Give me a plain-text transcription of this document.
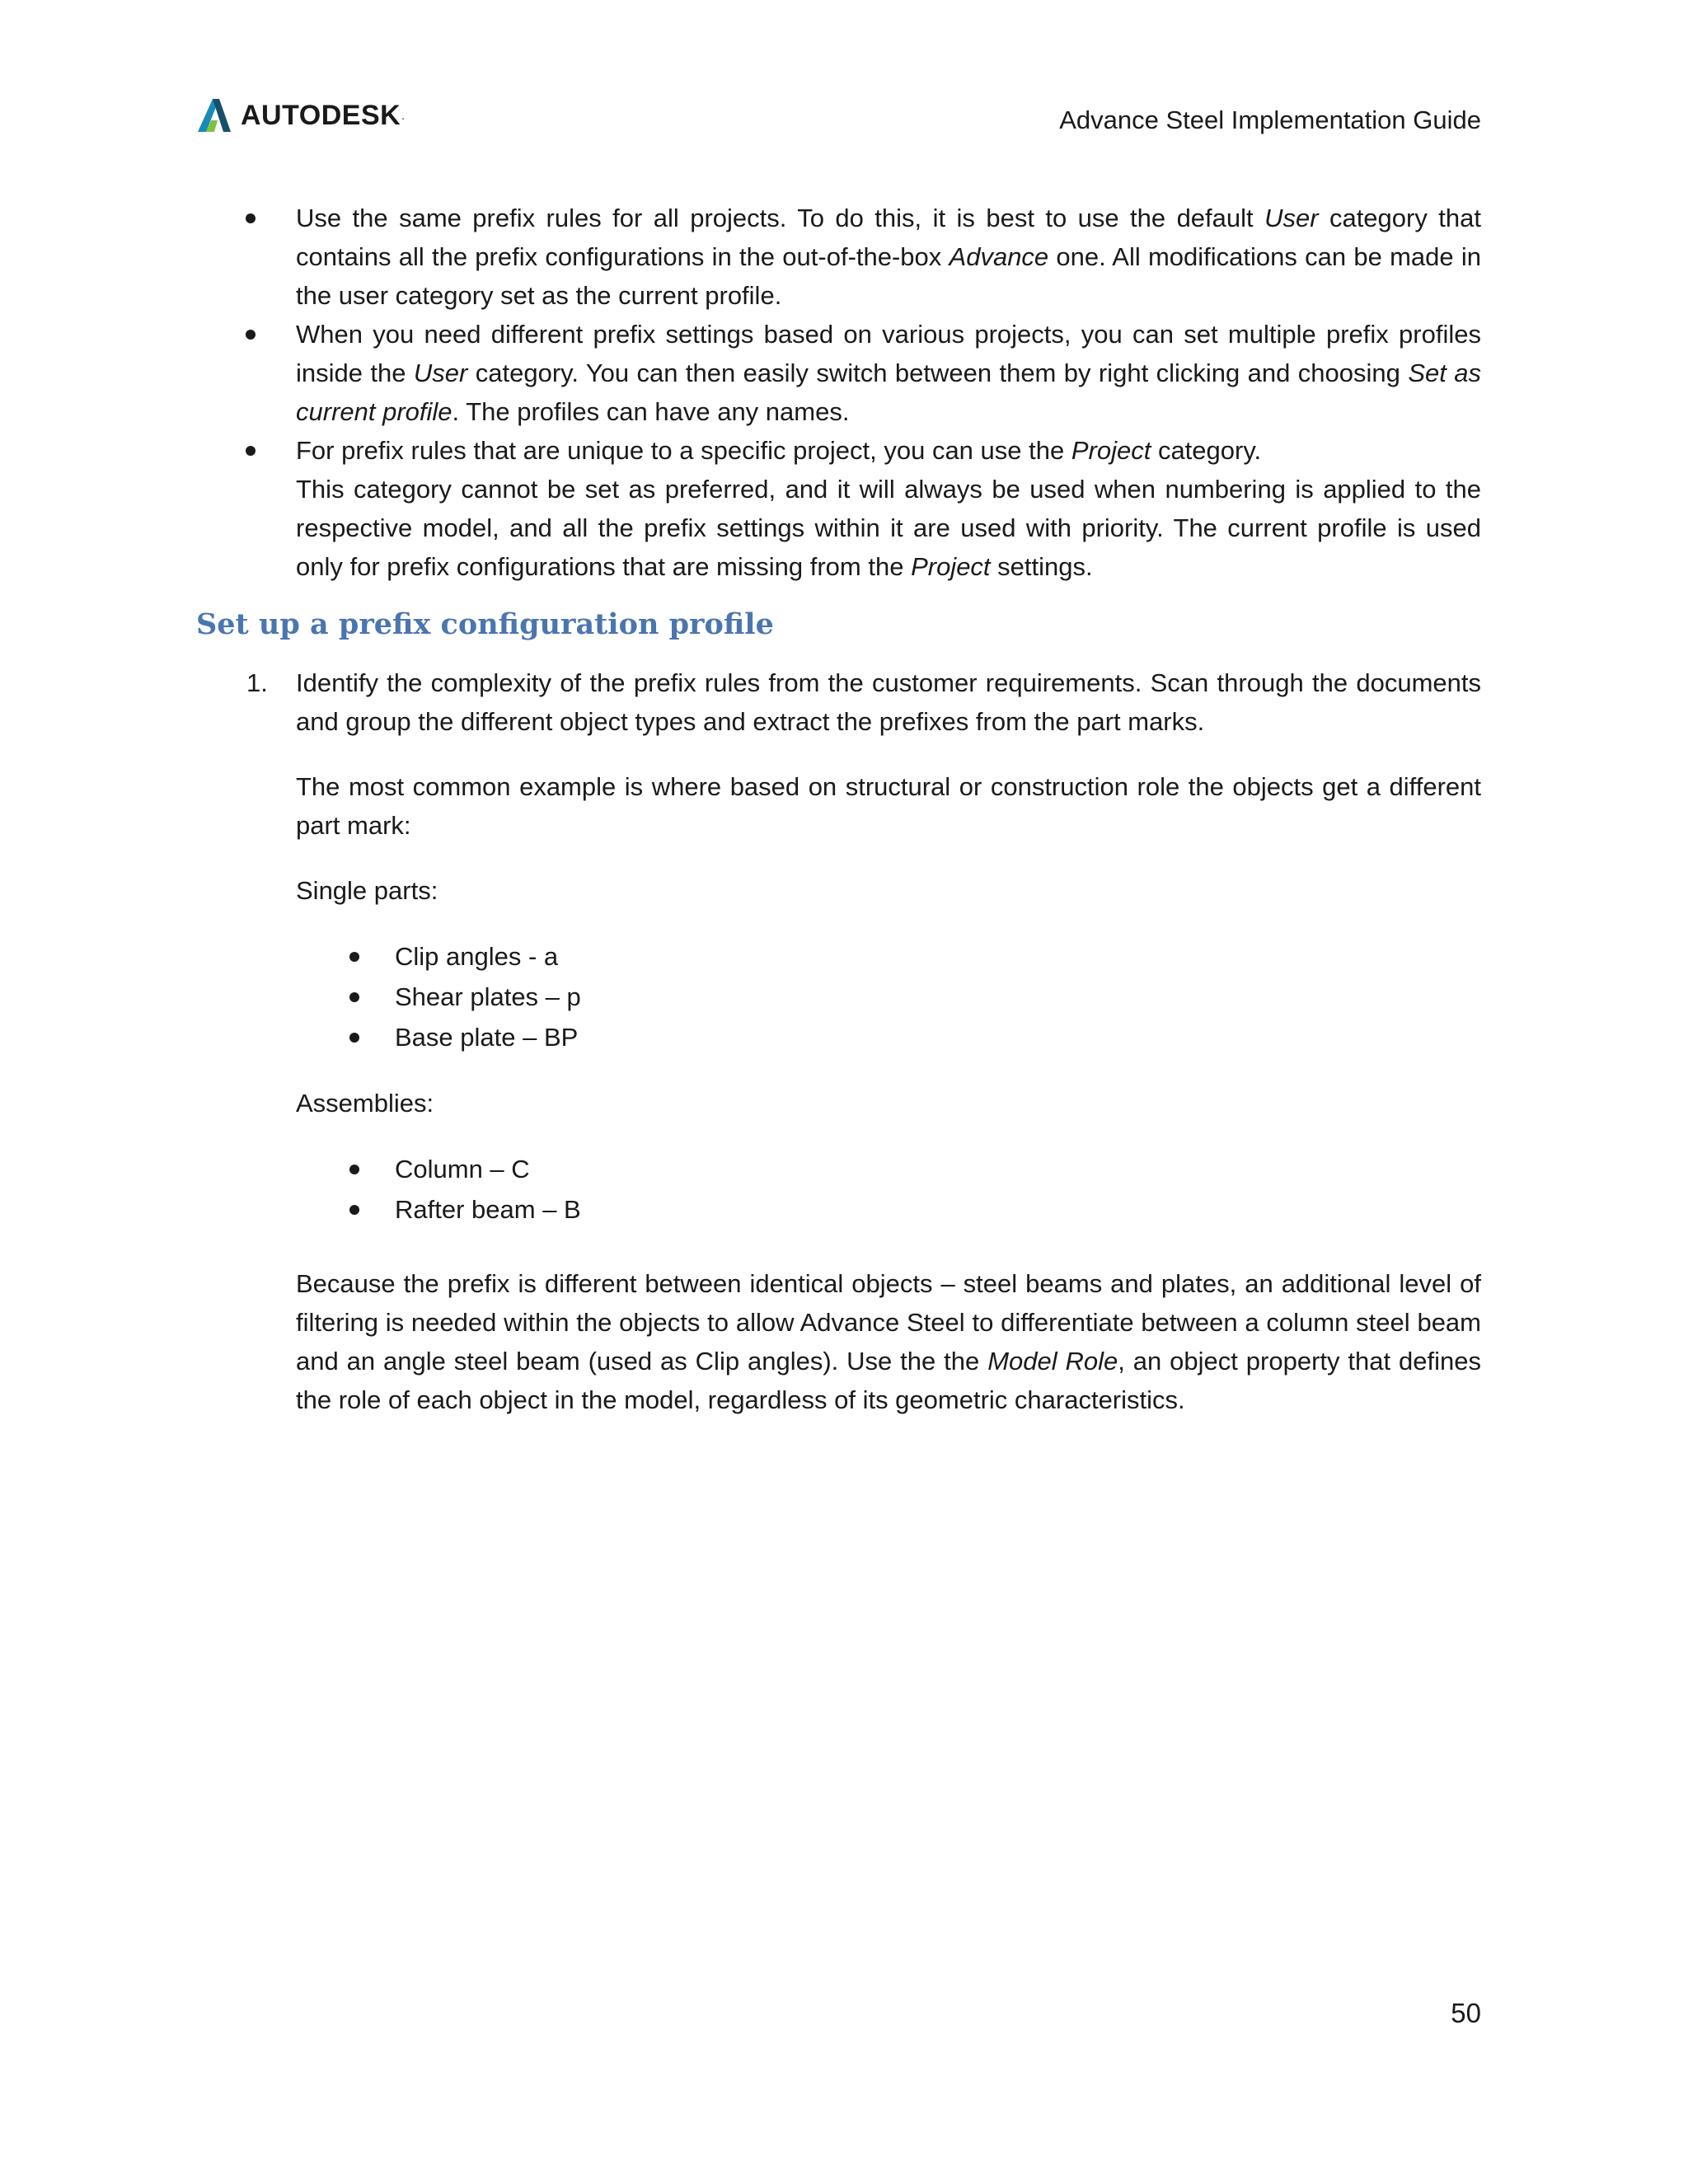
AUTODESK .	Advance Steel Implementation Guide
Use the same prefix rules for all projects. To do this, it is best to use the default User category that contains all the prefix configurations in the out-of-the-box Advance one. All modifications can be made in the user category set as the current profile.
When you need different prefix settings based on various projects, you can set multiple prefix profiles inside the User category. You can then easily switch between them by right clicking and choosing Set as current profile. The profiles can have any names.
For prefix rules that are unique to a specific project, you can use the Project category.
This category cannot be set as preferred, and it will always be used when numbering is applied to the respective model, and all the prefix settings within it are used with priority. The current profile is used only for prefix configurations that are missing from the Project settings.
Set up a prefix configuration profile
1. Identify the complexity of the prefix rules from the customer requirements. Scan through the documents and group the different object types and extract the prefixes from the part marks.
The most common example is where based on structural or construction role the objects get a different part mark:
Single parts:
Clip angles - a
Shear plates – p
Base plate – BP
Assemblies:
Column – C
Rafter beam – B
Because the prefix is different between identical objects – steel beams and plates, an additional level of filtering is needed within the objects to allow Advance Steel to differentiate between a column steel beam and an angle steel beam (used as Clip angles). Use the the Model Role, an object property that defines the role of each object in the model, regardless of its geometric characteristics.
50
